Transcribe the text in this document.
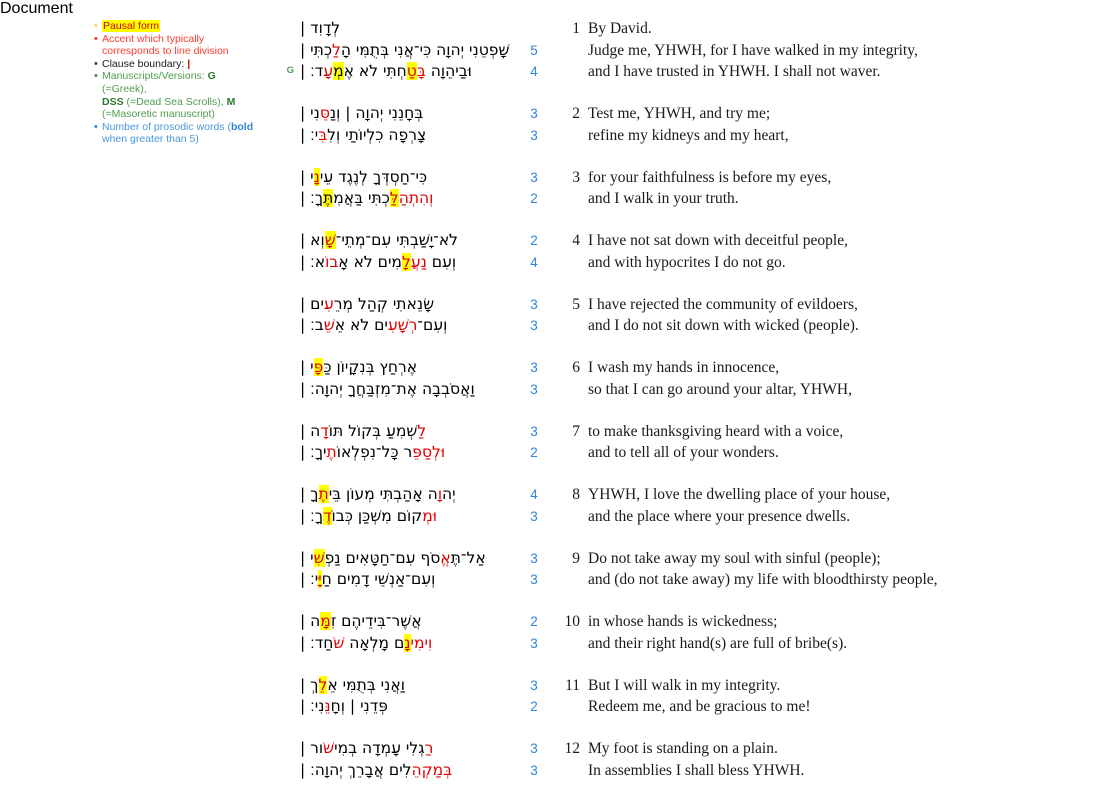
• Pausal form
• Accent which typically
corresponds to line division
• Clause boundary: |
• Manuscripts/Versions: G (=Greek),
DSS (=Dead Sea Scrolls), M
(=Masoretic manuscript)
• Number of prosodic words (bold
when greater than 5)
לְדָוִד |	1 By David.
G
שָׁפְטֵנִי יְהוָה כִּי־אֲנִי בְּתֻמִּי הָלַכְתִּי |
וּבַיהֵוָה בָּטַחְתִּי לֹא אֶמְעָד׃ |
5
4

Judge me, YHWH, for I have walked in my integrity,
and I have trusted in YHWH. I shall not waver.
בְּחָנֵנִי יְהוָה | וְנַסֵּנִי |
צָרְפָה כִלְיוֹתַי וְלִבִּּי׃ |
3
3
2 Test me, YHWH, and try me;
refine my kidneys and my heart,
כִּי־חַסְדְּךָ לְנֶגֶד עֵינָי |
וְהִתְהַלַּכְתִּי בַּאֲמִתךָ׃ |
3
2
3 for your faithfulness is before my eyes,
and I walk in your truth.
לֹא־יָשַׁבְתִּי עִם־מְתֵי־שָׁוְא |
וְעִם נַעֲלָמִים לֹא אָבוֹא׃ |
2
4
4 I have not sat down with deceitful people,
and with hypocrites I do not go.
שָׂנֵאתִי קְהַל מְרֵעִים |
וְעִם־רְשָׁעִים לֹא אֵשֵׁב׃ |
3
3
5 I have rejected the community of evildoers,
and I do not sit down with wicked (people).
אֶרְחַץ בְּנִקָיוֹן כַּפָּי |
וַאֲסֹבְבָה אֶת־מִזְבַּחֲךָ יְהוָה׃ |
3
3
6 I wash my hands in innocence,
so that I can go around your altar, YHWH,
לַשְׁמִעַ בְּקוֹל תּוֹדָה |
וּלְסַפֵּר כָּל־נִפְלְאוֹתֶיךָ׃ |
3
2
7 to make thanksgiving heard with a voice,
and to tell all of your wonders.
יְהוָה אָהַבְתִּי מְעוֹן בֵּיתֶךָ |
וּמְקוֹם מִשְׁכַּן כְּבוֹדֶךָ׃ |
4
3
8 YHWH, I love the dwelling place of your house,
and the place where your presence dwells.
אַל־תֶּאֱסֹף עִם־חַטָּאִים נַפְשִׁי |
וְעִם־אַנְשֵׁי דָמִים חַיָּי׃ |
3
3
9 Do not take away my soul with sinful (people);
and (do not take away) my life with bloodthirsty people,
אֲשֶׁר־בִּידֵיהֶם זִמָּה |
וִימִינָם מָלְאָה שֹׁחַד׃ |
2
3
10 in whose hands is wickedness;
and their right hand(s) are full of bribe(s).
וַאֲנִי בְּתֻמִּי אֵלֵךְ |
פְּדֵנִי | וְחָנֵּנִי׃ |
3
2
11 But I will walk in my integrity.
Redeem me, and be gracious to me!
רַגְלִי עָמְדָה בְמִישֹׁור |
בְּמַקְהֵלִים אֲבָרֵךְ יְהוָה׃ |
3
3
12 My foot is standing on a plain.
In assemblies I shall bless YHWH.
Document
